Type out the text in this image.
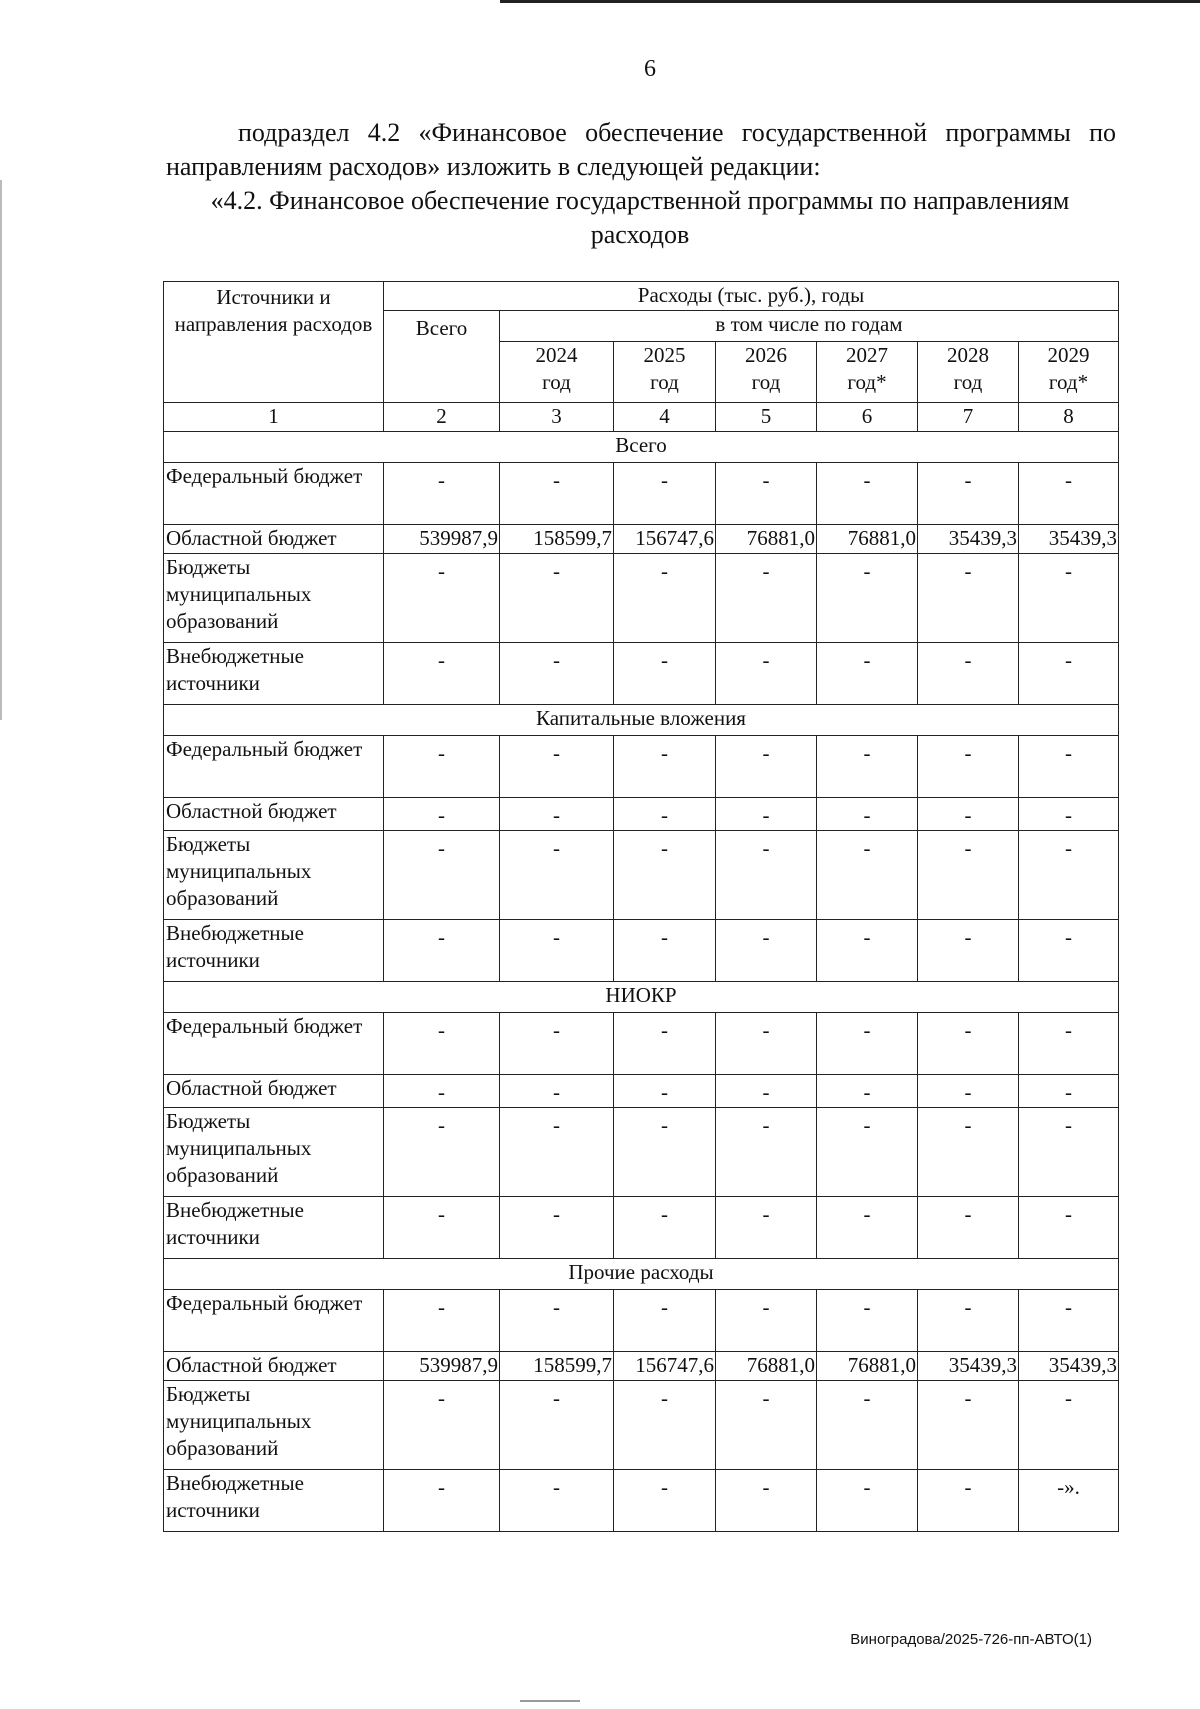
6
подраздел 4.2 «Финансовое обеспечение государственной программы по направлениям расходов» изложить в следующей редакции:
«4.2. Финансовое обеспечение государственной программы по направлениям расходов
Источники и направления расходов	Расходы (тыс. руб.), годы						
	Всего	в том числе по годам					
		2024 год	2025 год	2026 год	2027 год*	2028 год	2029 год*
1	2	3	4	5	6	7	8
Всего							
Федеральный бюджет	-	-	-	-	-	-	-
Областной бюджет	539987,9	158599,7	156747,6	76881,0	76881,0	35439,3	35439,3
Бюджеты муниципальных образований	-	-	-	-	-	-	-
Внебюджетные источники	-	-	-	-	-	-	-
Капитальные вложения							
Федеральный бюджет	-	-	-	-	-	-	-
Областной бюджет	-	-	-	-	-	-	-
Бюджеты муниципальных образований	-	-	-	-	-	-	-
Внебюджетные источники	-	-	-	-	-	-	-
НИОКР							
Федеральный бюджет	-	-	-	-	-	-	-
Областной бюджет	-	-	-	-	-	-	-
Бюджеты муниципальных образований	-	-	-	-	-	-	-
Внебюджетные источники	-	-	-	-	-	-	-
Прочие расходы							
Федеральный бюджет	-	-	-	-	-	-	-
Областной бюджет	539987,9	158599,7	156747,6	76881,0	76881,0	35439,3	35439,3
Бюджеты муниципальных образований	-	-	-	-	-	-	-
Внебюджетные источники	-	-	-	-	-	-	-».
Виноградова/2025-726-пп-АВТО(1)
